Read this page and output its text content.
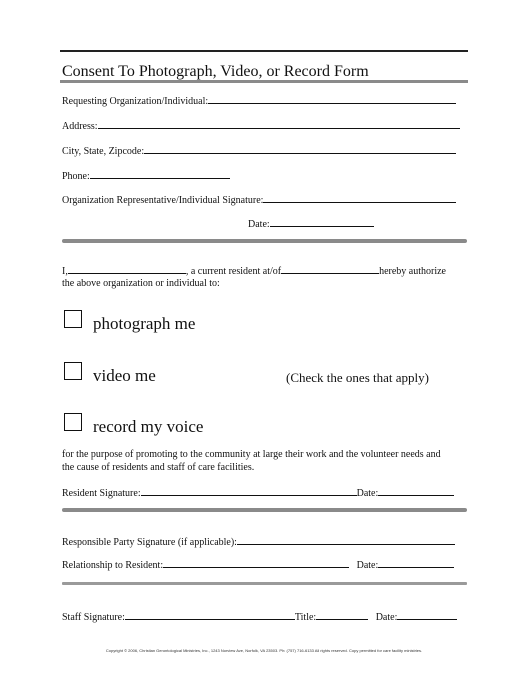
Consent To Photograph, Video, or Record Form
Requesting Organization/Individual:
Address:
City, State, Zipcode:
Phone:
Organization Representative/Individual Signature:
Date:
I,	, a current resident at/of	hereby authorize
the above organization or individual to:
photograph me
video me	(Check the ones that apply)
record my voice
for the purpose of promoting to the community at large their work and the volunteer needs and
the cause of residents and staff of care facilities.
Resident Signature:	Date:
Responsible Party Signature (if applicable):
Relationship to Resident:	Date:
Staff Signature:	Title:	Date:
Copyright © 2006, Christian Gerontological Ministries, Inc., 1243 Norview Ave, Norfolk, VA 23503. Ph: (757) 716-6133 All rights reserved. Copy permitted for care facility ministries.
